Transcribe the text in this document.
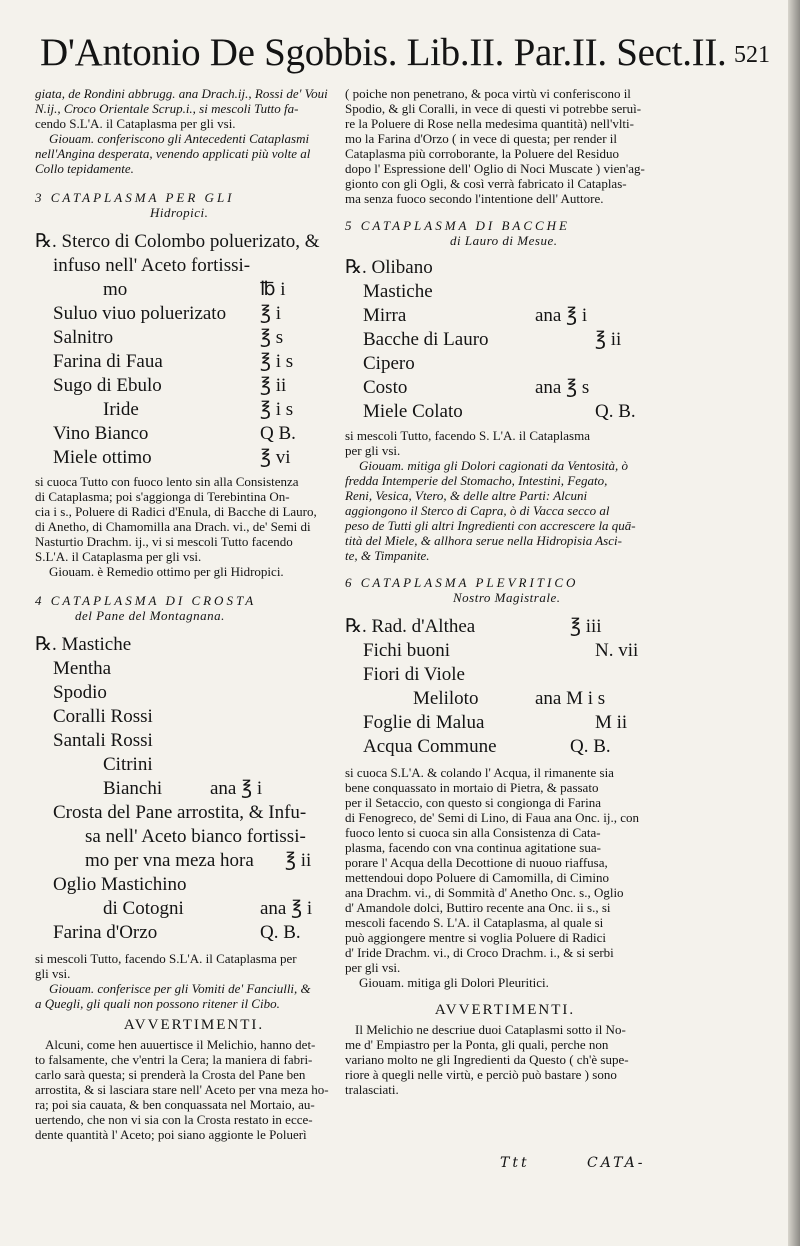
D'Antonio De Sgobbis. Lib.II. Par.II. Sect.II. 521

giata, de Rondini abbrugg. ana Drach.ij., Rossi de' Voui

N.ij., Croco Orientale Scrup.i., si mescoli Tutto fa-

cendo S.L'A. il Cataplasma per gli vsi.

Giouam. conferiscono gli Antecedenti Cataplasmi

nell'Angina desperata, venendo applicati più volte al

Collo tepidamente.

3 CATAPLASMA PER GLI
Hidropici.
℞. Sterco di Colombo poluerizato, &
infuso nell' Aceto fortissi-
mo	℔ i
Suluo viuo poluerizato ℥ i
Salnitro	℥ s
Farina di Faua	℥ i s
Sugo di Ebulo	℥ ii
Iride	℥ i s
Vino Bianco	Q B.
Miele ottimo	℥ vi

si cuoca Tutto con fuoco lento sin alla Consistenza

di Cataplasma; poi s'aggionga di Terebintina On-

cia i s., Poluere di Radici d'Enula, di Bacche di Lauro,

di Anetho, di Chamomilla ana Drach. vi., de' Semi di

Nasturtio Drachm. ij., vi si mescoli Tutto facendo

S.L'A. il Cataplasma per gli vsi.

Giouam. è Remedio ottimo per gli Hidropici.

4 CATAPLASMA DI CROSTA
del Pane del Montagnana.
℞. Mastiche
Mentha
Spodio
Coralli Rossi
Santali Rossi
Citrini
Bianchi	ana ℥ i
Crosta del Pane arrostita, & Infu-
sa nell' Aceto bianco fortissi-
mo per vna meza hora ℥ ii
Oglio Mastichino
di Cotogni	ana ℥ i
Farina d'Orzo	Q. B.

si mescoli Tutto, facendo S.L'A. il Cataplasma per

gli vsi.

Giouam. conferisce per gli Vomiti de' Fanciulli, &

a Quegli, gli quali non possono ritener il Cibo.

AVVERTIMENTI.

Alcuni, come hen auuertisce il Melichio, hanno det-

to falsamente, che v'entri la Cera; la maniera di fabri-

carlo sarà questa; si prenderà la Crosta del Pane ben

arrostita, & si lasciara stare nell' Aceto per vna meza ho-

ra; poi sia cauata, & ben conquassata nel Mortaio, au-

uertendo, che non vi sia con la Crosta restato in ecce-

dente quantità l' Aceto; poi siano aggionte le Poluerì

( poiche non penetrano, & poca virtù vi conferiscono il

Spodio, & gli Coralli, in vece di questi vi potrebbe seruì-

re la Poluere di Rose nella medesima quantità) nell'vlti-

mo la Farina d'Orzo ( in vece di questa; per render il

Cataplasma più corroborante, la Poluere del Residuo

dopo l' Espressione dell' Oglio di Noci Muscate ) vien'ag-

gionto con gli Ogli, & così verrà fabricato il Cataplas-

ma senza fuoco secondo l'intentione dell' Auttore.

5 CATAPLASMA DI BACCHE
di Lauro di Mesue.
℞. Olibano
Mastiche
Mirra	ana ℥ i
Bacche di Lauro	℥ ii
Cipero
Costo	ana ℥ s
Miele Colato	Q. B.

si mescoli Tutto, facendo S. L'A. il Cataplasma

per gli vsi.

Giouam. mitiga gli Dolori cagionati da Ventosità, ò

fredda Intemperie del Stomacho, Intestini, Fegato,

Reni, Vesica, Vtero, & delle altre Parti: Alcuni

aggiongono il Sterco di Capra, ò di Vacca secco al

peso de Tutti gli altri Ingredienti con accrescere la quā-

tità del Miele, & allhora serue nella Hidropisia Asci-

te, & Timpanite.

6 CATAPLASMA PLEVRITICO
Nostro Magistrale.
℞. Rad. d'Althea	℥ iii
Fichi buoni	N. vii
Fiori di Viole
Meliloto	ana M i s
Foglie di Malua	M ii
Acqua Commune	Q. B.

si cuoca S.L'A. & colando l' Acqua, il rimanente sia

bene conquassato in mortaio di Pietra, & passato

per il Setaccio, con questo si congionga di Farina

di Fenogreco, de' Semi di Lino, di Faua ana Onc. ij., con

fuoco lento si cuoca sin alla Consistenza di Cata-

plasma, facendo con vna continua agitatione sua-

porare l' Acqua della Decottione di nuouo riaffusa,

mettendoui dopo Poluere di Camomilla, di Cimino

ana Drachm. vi., di Sommità d' Anetho Onc. s., Oglio

d' Amandole dolci, Buttiro recente ana Onc. ii s., si

mescoli facendo S. L'A. il Cataplasma, al quale si

può aggiongere mentre si voglia Poluere di Radici

d' Iride Drachm. vi., di Croco Drachm. i., & si serbi

per gli vsi.

Giouam. mitiga gli Dolori Pleuritici.

AVVERTIMENTI.

Il Melichio ne descriue duoi Cataplasmi sotto il No-

me d' Empiastro per la Ponta, gli quali, perche non

variano molto ne gli Ingredienti da Questo ( ch'è supe-

riore à quegli nelle virtù, e perciò può bastare ) sono

tralasciati.

Ttt	CATA-
